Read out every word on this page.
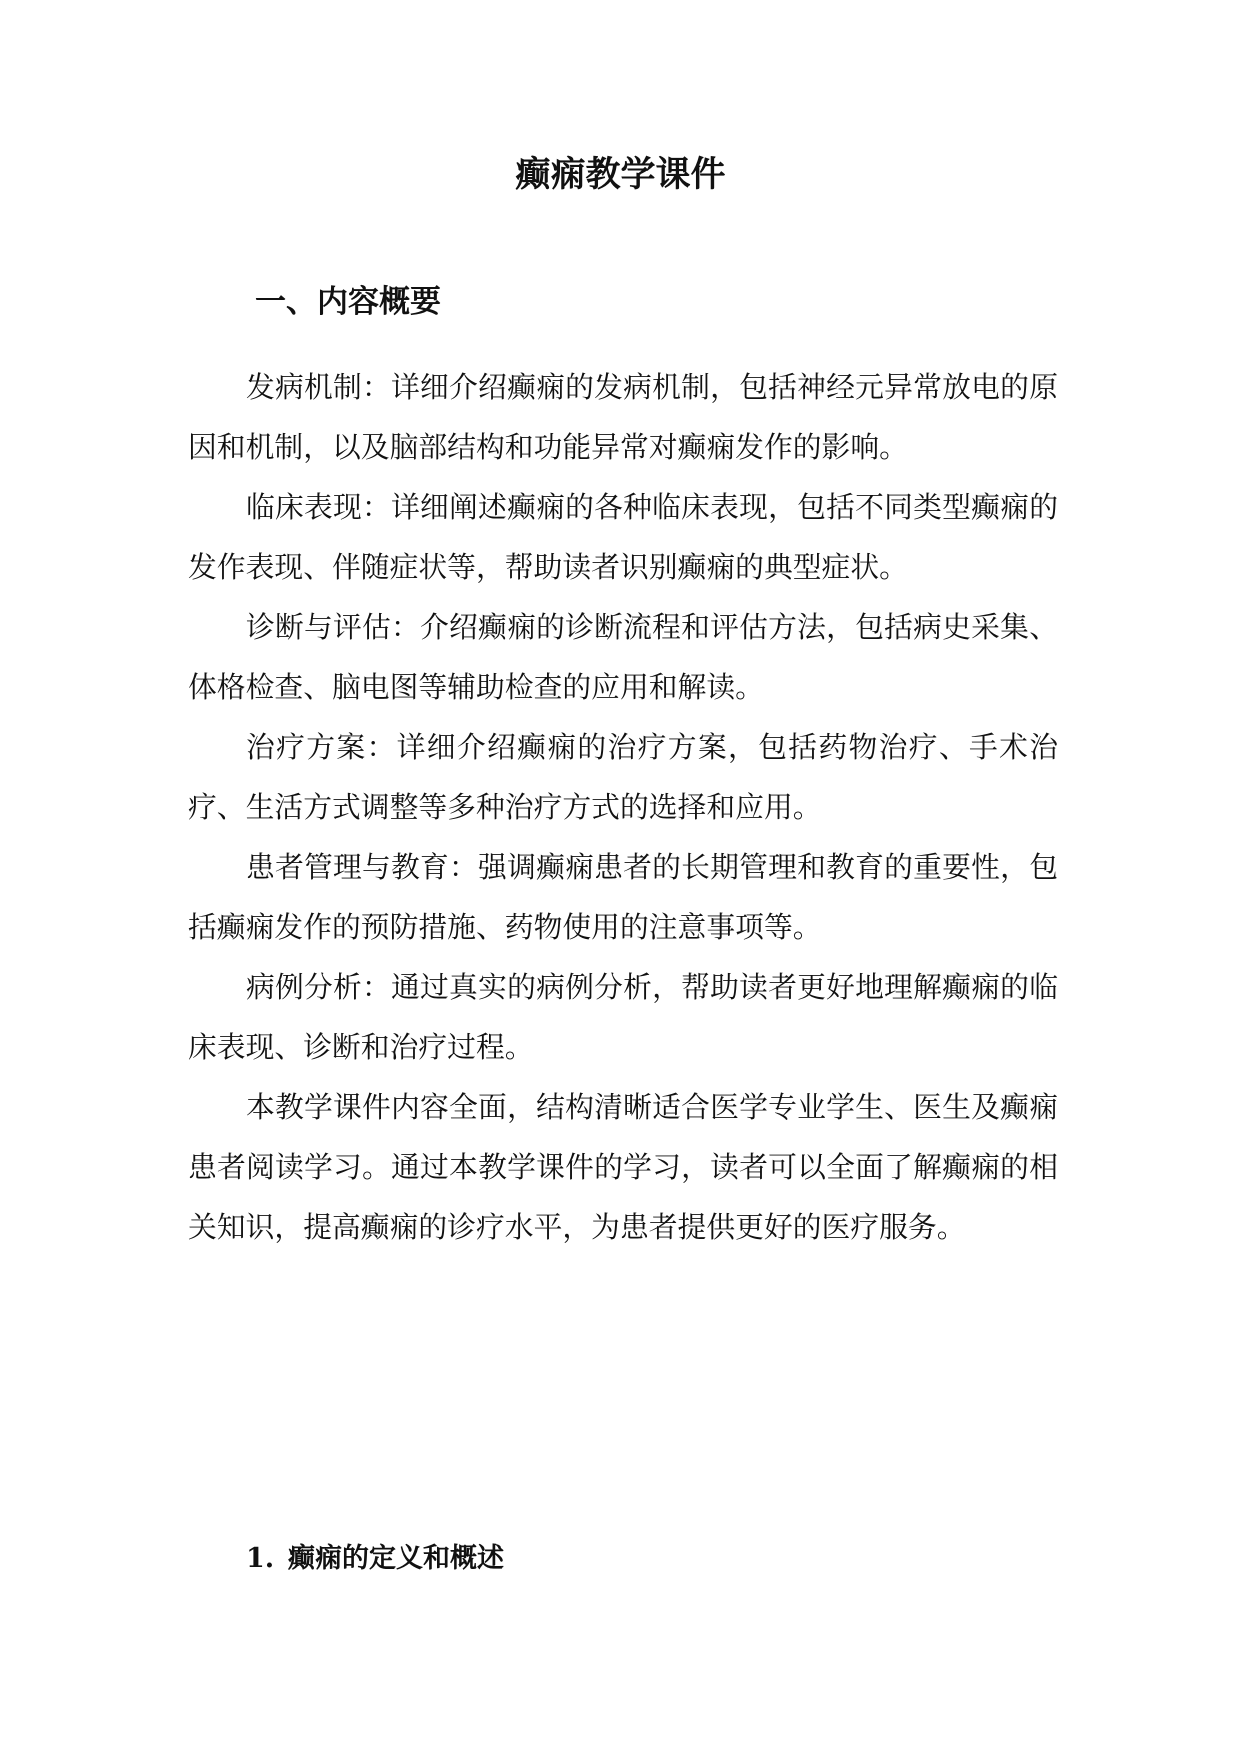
癫痫教学课件
一、内容概要

发病机制：详细介绍癫痫的发病机制，包括神经元异常放电的原因和机制，以及脑部结构和功能异常对癫痫发作的影响。

临床表现：详细阐述癫痫的各种临床表现，包括不同类型癫痫的发作表现、伴随症状等，帮助读者识别癫痫的典型症状。

诊断与评估：介绍癫痫的诊断流程和评估方法，包括病史采集、体格检查、脑电图等辅助检查的应用和解读。

治疗方案：详细介绍癫痫的治疗方案，包括药物治疗、手术治疗、生活方式调整等多种治疗方式的选择和应用。

患者管理与教育：强调癫痫患者的长期管理和教育的重要性，包括癫痫发作的预防措施、药物使用的注意事项等。

病例分析：通过真实的病例分析，帮助读者更好地理解癫痫的临床表现、诊断和治疗过程。

本教学课件内容全面，结构清晰适合医学专业学生、医生及癫痫患者阅读学习。通过本教学课件的学习，读者可以全面了解癫痫的相关知识，提高癫痫的诊疗水平，为患者提供更好的医疗服务。

1. 癫痫的定义和概述
